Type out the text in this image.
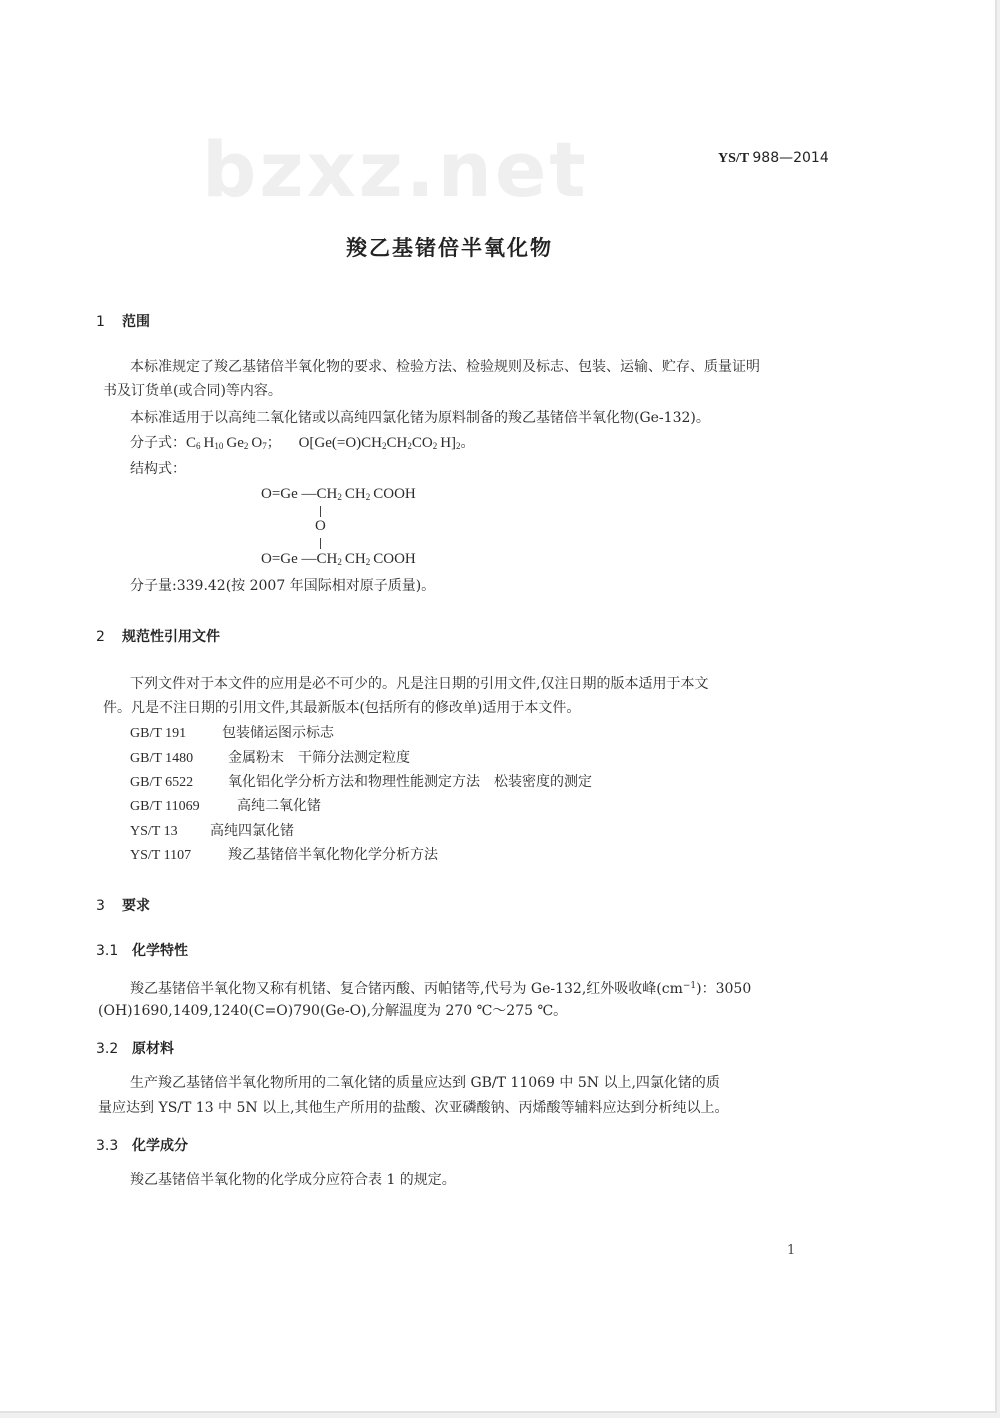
bzxz.net	YS/T 988—2014
羧乙基锗倍半氧化物
1 范围
本标准规定了羧乙基锗倍半氧化物的要求、检验方法、检验规则及标志、包装、运输、贮存、质量证明
书及订货单(或合同)等内容。
本标准适用于以高纯二氧化锗或以高纯四氯化锗为原料制备的羧乙基锗倍半氧化物(Ge-132)。
分子式：$C_6$  $H_{10}$  $Ge_2$  $O_7$； $O[Ge(=O)CH_2CH_2CO_2$  $H]_2$。
结构式：
O=Ge $—CH_2$  $CH_2$  COOH
O
O=Ge $—CH_2$  $CH_2$  COOH
分子量:339.42(按 2007 年国际相对原子质量)。
2 规范性引用文件
下列文件对于本文件的应用是必不可少的。凡是注日期的引用文件,仅注日期的版本适用于本文
件。凡是不注日期的引用文件,其最新版本(包括所有的修改单)适用于本文件。
GB/T 191	包装储运图示标志
GB/T 1480 金属粉末　干筛分法测定粒度
GB/T 6522 氧化铝化学分析方法和物理性能测定方法　松装密度的测定
GB/T 11069	高纯二氧化锗
YS/T 13 高纯四氯化锗
YS/T 1107	羧乙基锗倍半氧化物化学分析方法
3 要求
3.1 化学特性
羧乙基锗倍半氧化物又称有机锗、复合锗丙酸、丙帕锗等,代号为 Ge-132,红外吸收峰$(cm^{-1})$：3050
(OH)1690,1409,1240(C=O)790(Ge-O),分解温度为 270 ℃～275 ℃。
3.2 原材料
生产羧乙基锗倍半氧化物所用的二氧化锗的质量应达到 GB/T 11069 中 5N 以上,四氯化锗的质
量应达到 YS/T 13 中 5N 以上,其他生产所用的盐酸、次亚磷酸钠、丙烯酸等辅料应达到分析纯以上。
3.3 化学成分
羧乙基锗倍半氧化物的化学成分应符合表 1 的规定。
1
